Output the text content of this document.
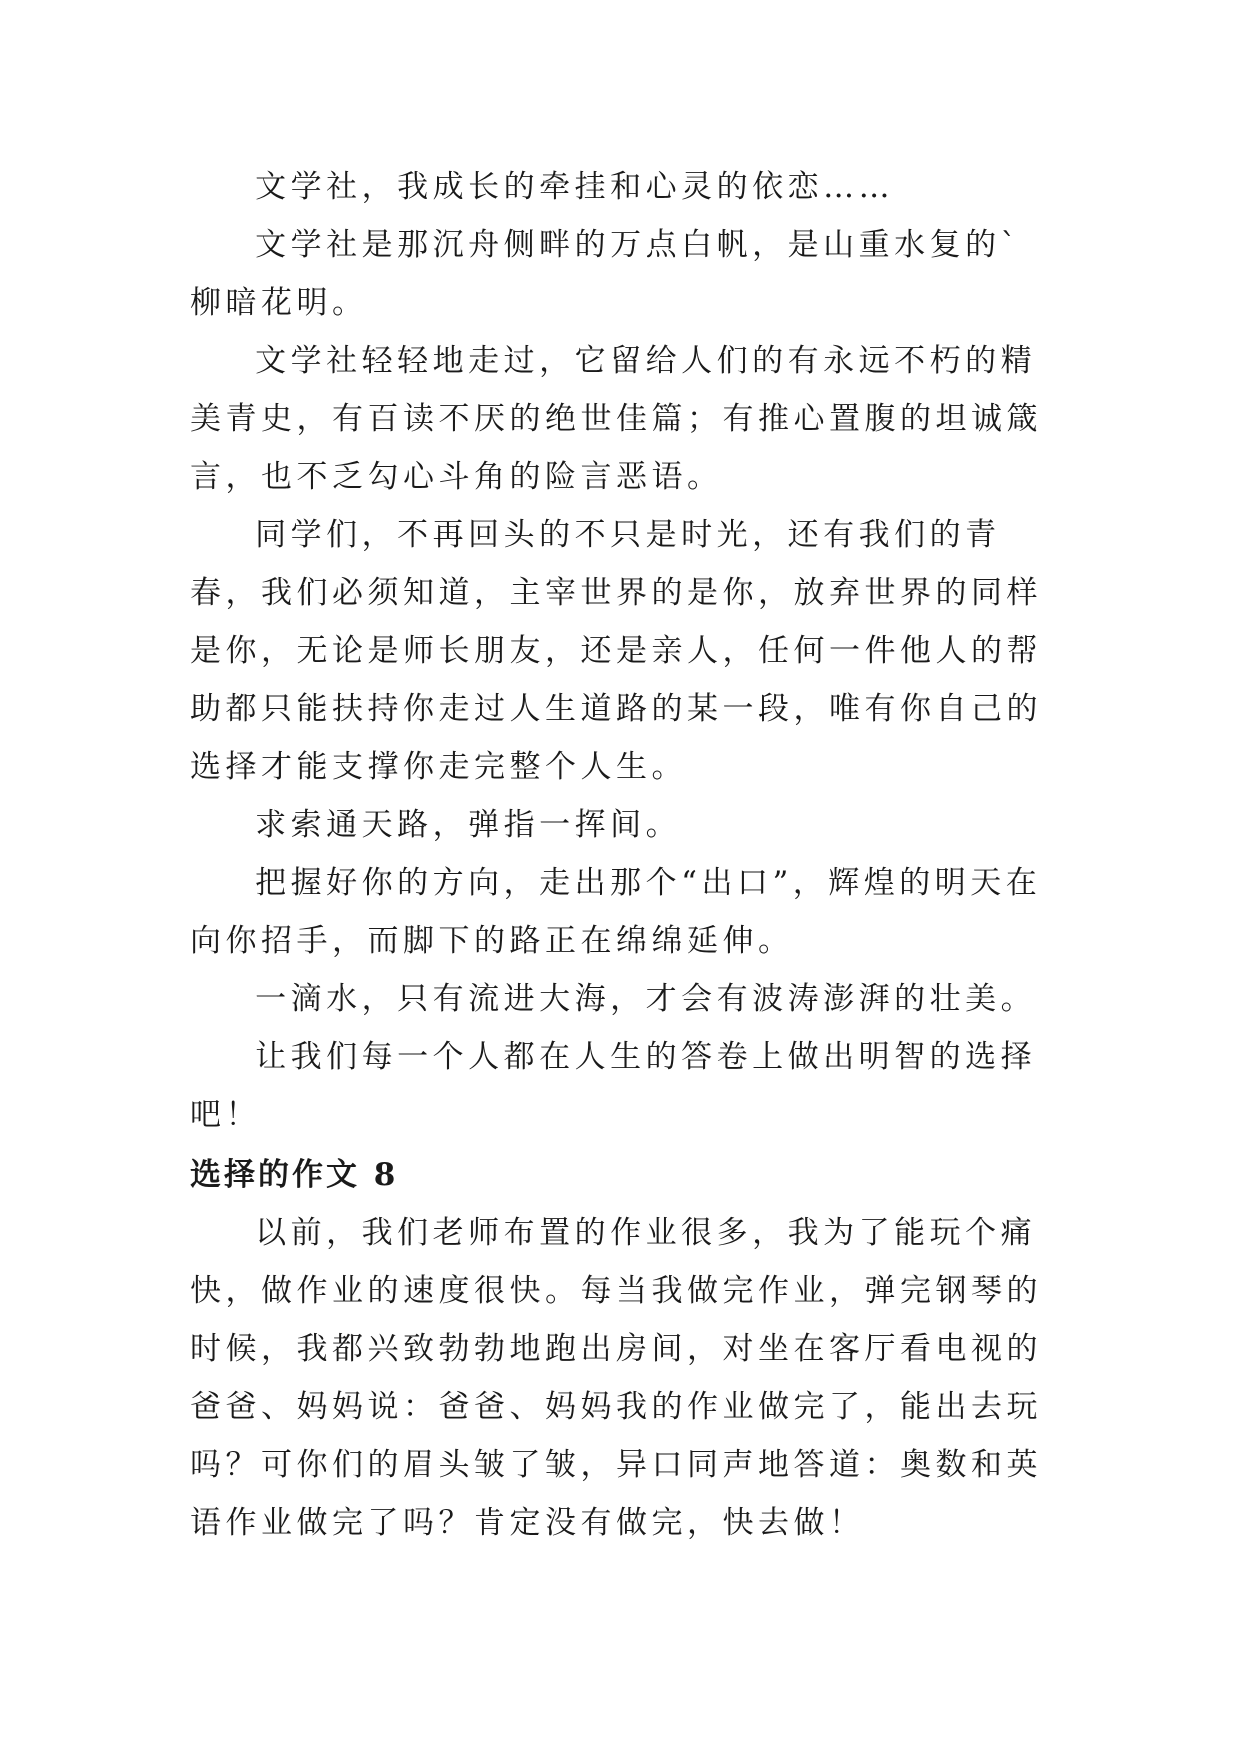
文学社，我成长的牵挂和心灵的依恋……

文学社是那沉舟侧畔的万点白帆，是山重水复的`柳暗花明。

文学社轻轻地走过，它留给人们的有永远不朽的精美青史，有百读不厌的绝世佳篇；有推心置腹的坦诚箴言，也不乏勾心斗角的险言恶语。

同学们，不再回头的不只是时光，还有我们的青春，我们必须知道，主宰世界的是你，放弃世界的同样是你，无论是师长朋友，还是亲人，任何一件他人的帮助都只能扶持你走过人生道路的某一段，唯有你自己的选择才能支撑你走完整个人生。

求索通天路，弹指一挥间。

把握好你的方向，走出那个“出口”，辉煌的明天在向你招手，而脚下的路正在绵绵延伸。

一滴水，只有流进大海，才会有波涛澎湃的壮美。

让我们每一个人都在人生的答卷上做出明智的选择吧！

选择的作文 8

以前，我们老师布置的作业很多，我为了能玩个痛快，做作业的速度很快。每当我做完作业，弹完钢琴的时候，我都兴致勃勃地跑出房间，对坐在客厅看电视的爸爸、妈妈说：爸爸、妈妈我的作业做完了，能出去玩吗？可你们的眉头皱了皱，异口同声地答道：奥数和英语作业做完了吗？肯定没有做完，快去做！
